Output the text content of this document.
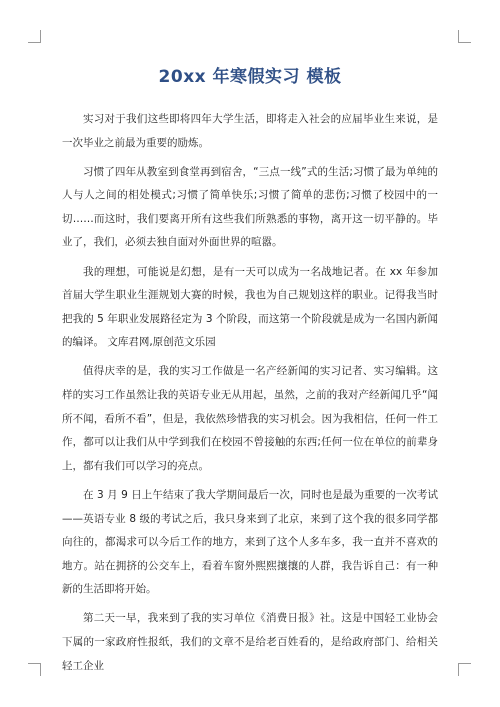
20xx 年寒假实习 模板

实习对于我们这些即将四年大学生活，即将走入社会的应届毕业生来说，是一次毕业之前最为重要的励炼。

习惯了四年从教室到食堂再到宿舍，“三点一线”式的生活;习惯了最为单纯的人与人之间的相处模式;习惯了简单快乐;习惯了简单的悲伤;习惯了校园中的一切……而这时，我们要离开所有这些我们所熟悉的事物，离开这一切平静的。毕业了，我们，必须去独自面对外面世界的喧嚣。

我的理想，可能说是幻想，是有一天可以成为一名战地记者。在 xx 年参加首届大学生职业生涯规划大赛的时候，我也为自己规划这样的职业。记得我当时把我的 5 年职业发展路径定为 3 个阶段，而这第一个阶段就是成为一名国内新闻的编译。 文库君网,原创范文乐园

值得庆幸的是，我的实习工作做是一名产经新闻的实习记者、实习编辑。这样的实习工作虽然让我的英语专业无从用起，虽然，之前的我对产经新闻几乎“闻所不闻，看所不看”，但是，我依然珍惜我的实习机会。因为我相信，任何一件工作，都可以让我们从中学到我们在校园不曾接触的东西;任何一位在单位的前辈身上，都有我们可以学习的亮点。

在 3 月 9 日上午结束了我大学期间最后一次，同时也是最为重要的一次考试——英语专业 8 级的考试之后，我只身来到了北京，来到了这个我的很多同学都向往的，都渴求可以今后工作的地方，来到了这个人多车多，我一直并不喜欢的地方。站在拥挤的公交车上，看着车窗外熙熙攘攘的人群，我告诉自己：有一种新的生活即将开始。

第二天一早，我来到了我的实习单位《消费日报》社。这是中国轻工业协会下属的一家政府性报纸，我们的文章不是给老百姓看的，是给政府部门、给相关轻工企业
